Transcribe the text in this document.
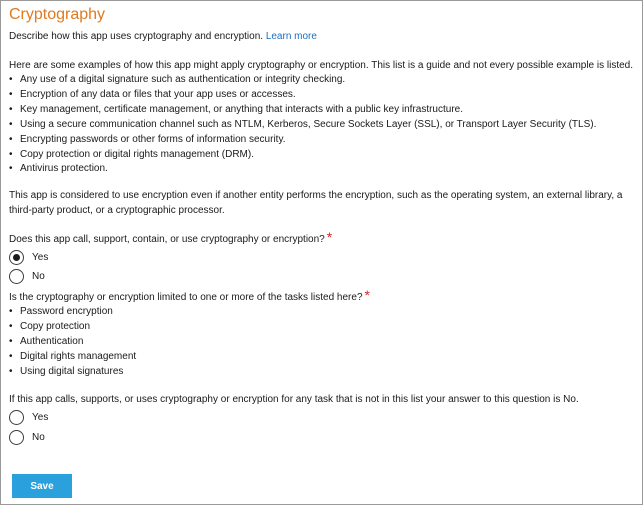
Cryptography
Describe how this app uses cryptography and encryption. Learn more
Here are some examples of how this app might apply cryptography or encryption. This list is a guide and not every possible example is listed.
• Any use of a digital signature such as authentication or integrity checking.
• Encryption of any data or files that your app uses or accesses.
• Key management, certificate management, or anything that interacts with a public key infrastructure.
• Using a secure communication channel such as NTLM, Kerberos, Secure Sockets Layer (SSL), or Transport Layer Security (TLS).
• Encrypting passwords or other forms of information security.
• Copy protection or digital rights management (DRM).
• Antivirus protection.
This app is considered to use encryption even if another entity performs the encryption, such as the operating system, an external library, a third-party product, or a cryptographic processor.
Does this app call, support, contain, or use cryptography or encryption? *
Yes
No
Is the cryptography or encryption limited to one or more of the tasks listed here? *
• Password encryption
• Copy protection
• Authentication
• Digital rights management
• Using digital signatures
If this app calls, supports, or uses cryptography or encryption for any task that is not in this list your answer to this question is No.
Yes
No
Save
